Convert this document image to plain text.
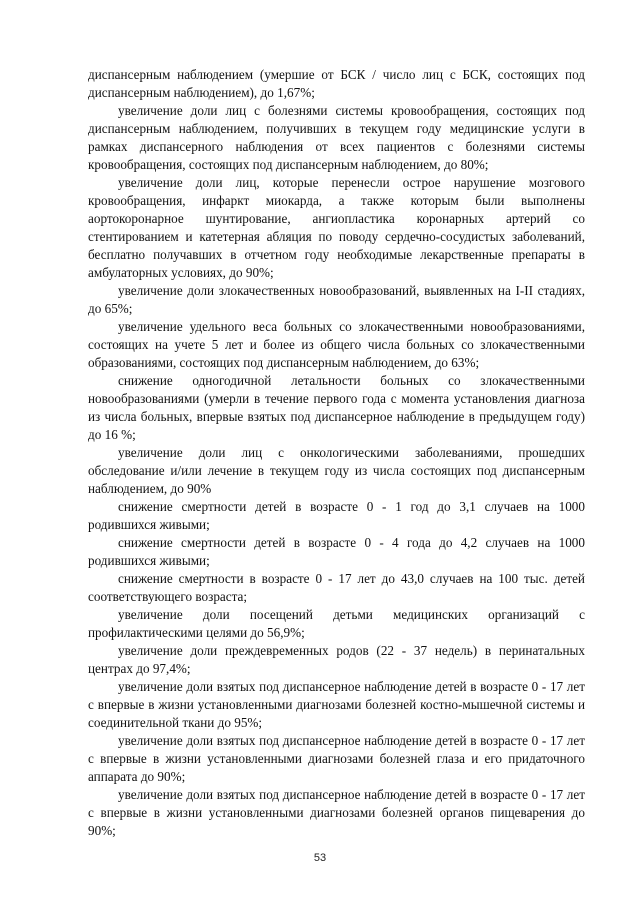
диспансерным наблюдением (умершие от БСК / число лиц с БСК, состоящих под диспансерным наблюдением), до 1,67%;

увеличение доли лиц с болезнями системы кровообращения, состоящих под диспансерным наблюдением, получивших в текущем году медицинские услуги в рамках диспансерного наблюдения от всех пациентов с болезнями системы кровообращения, состоящих под диспансерным наблюдением, до 80%;

увеличение доли лиц, которые перенесли острое нарушение мозгового кровообращения, инфаркт миокарда, а также которым были выполнены аортокоронарное шунтирование, ангиопластика коронарных артерий со стентированием и катетерная абляция по поводу сердечно-сосудистых заболеваний, бесплатно получавших в отчетном году необходимые лекарственные препараты в амбулаторных условиях, до 90%;

увеличение доли злокачественных новообразований, выявленных на I-II стадиях, до 65%;

увеличение удельного веса больных со злокачественными новообразованиями, состоящих на учете 5 лет и более из общего числа больных со злокачественными образованиями, состоящих под диспансерным наблюдением, до 63%;

снижение одногодичной летальности больных со злокачественными новообразованиями (умерли в течение первого года с момента установления диагноза из числа больных, впервые взятых под диспансерное наблюдение в предыдущем году) до 16 %;

увеличение доли лиц с онкологическими заболеваниями, прошедших обследование и/или лечение в текущем году из числа состоящих под диспансерным наблюдением, до 90%

снижение смертности детей в возрасте 0 - 1 год до 3,1 случаев на 1000 родившихся живыми;

снижение смертности детей в возрасте 0 - 4 года до 4,2 случаев на 1000 родившихся живыми;

снижение смертности в возрасте 0 - 17 лет до 43,0 случаев на 100 тыс. детей соответствующего возраста;

увеличение доли посещений детьми медицинских организаций с профилактическими целями до 56,9%;

увеличение доли преждевременных родов (22 - 37 недель) в перинатальных центрах до 97,4%;

увеличение доли взятых под диспансерное наблюдение детей в возрасте 0 - 17 лет с впервые в жизни установленными диагнозами болезней костно-мышечной системы и соединительной ткани до 95%;

увеличение доли взятых под диспансерное наблюдение детей в возрасте 0 - 17 лет с впервые в жизни установленными диагнозами болезней глаза и его придаточного аппарата до 90%;

увеличение доли взятых под диспансерное наблюдение детей в возрасте 0 - 17 лет с впервые в жизни установленными диагнозами болезней органов пищеварения до 90%;

53
